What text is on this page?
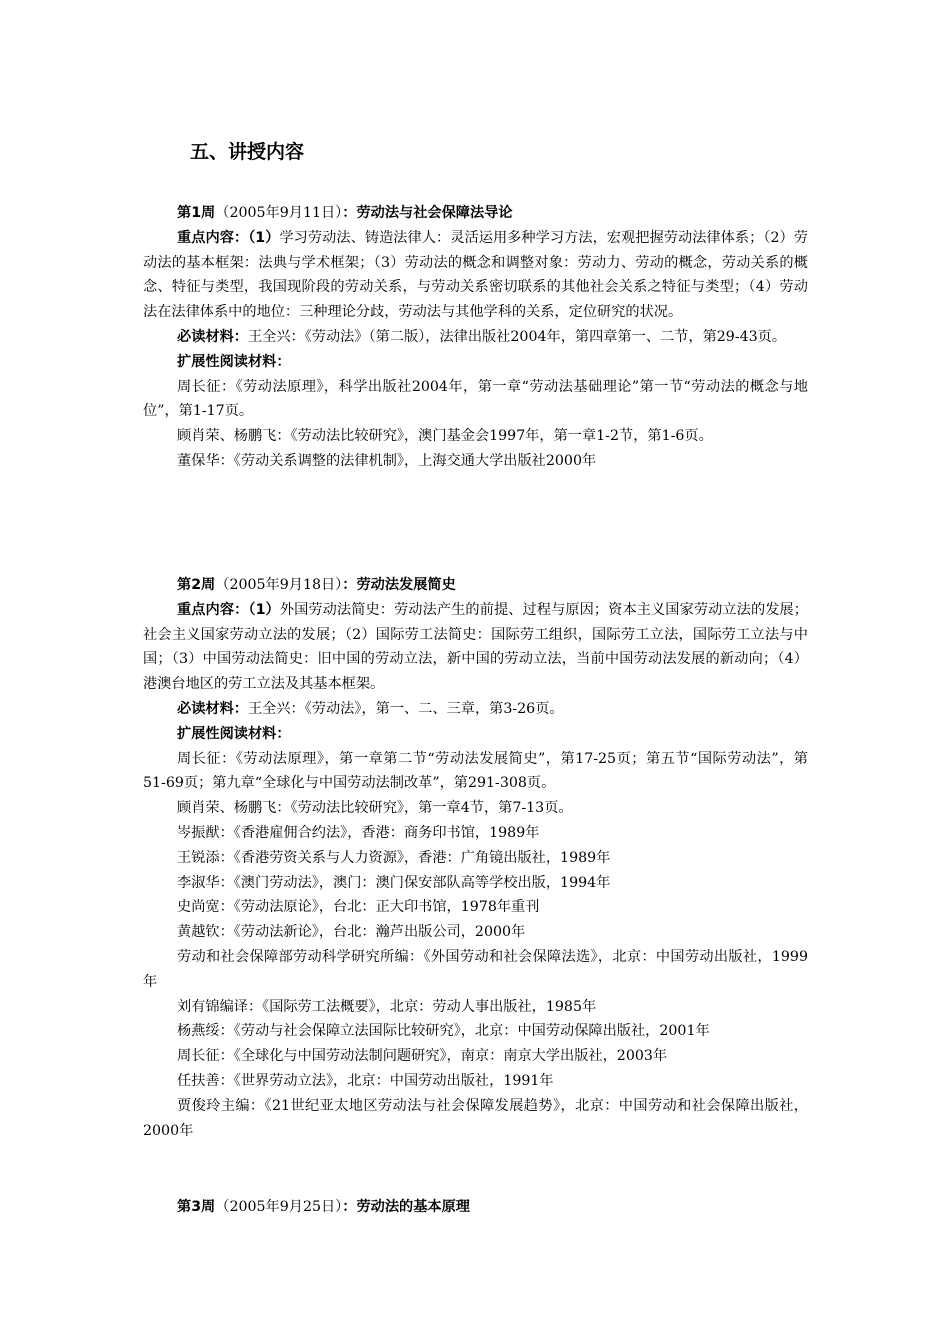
五、讲授内容

第1周（2005年9月11日）：劳动法与社会保障法导论

重点内容：（1）学习劳动法、铸造法律人：灵活运用多种学习方法，宏观把握劳动法律体系；（2）劳动法的基本框架：法典与学术框架；（3）劳动法的概念和调整对象：劳动力、劳动的概念，劳动关系的概念、特征与类型，我国现阶段的劳动关系，与劳动关系密切联系的其他社会关系之特征与类型；（4）劳动法在法律体系中的地位：三种理论分歧，劳动法与其他学科的关系，定位研究的状况。

必读材料：王全兴：《劳动法》（第二版），法律出版社2004年，第四章第一、二节，第29-43页。

扩展性阅读材料：

周长征：《劳动法原理》，科学出版社2004年，第一章“劳动法基础理论”第一节“劳动法的概念与地位”，第1-17页。

顾肖荣、杨鹏飞：《劳动法比较研究》，澳门基金会1997年，第一章1-2节，第1-6页。

董保华：《劳动关系调整的法律机制》，上海交通大学出版社2000年

第2周（2005年9月18日）：劳动法发展简史

重点内容：（1）外国劳动法简史：劳动法产生的前提、过程与原因；资本主义国家劳动立法的发展；社会主义国家劳动立法的发展；（2）国际劳工法简史：国际劳工组织，国际劳工立法，国际劳工立法与中国；（3）中国劳动法简史：旧中国的劳动立法，新中国的劳动立法，当前中国劳动法发展的新动向；（4）港澳台地区的劳工立法及其基本框架。

必读材料：王全兴：《劳动法》，第一、二、三章，第3-26页。

扩展性阅读材料：

周长征：《劳动法原理》，第一章第二节“劳动法发展简史”，第17-25页；第五节“国际劳动法”，第51-69页；第九章“全球化与中国劳动法制改革”，第291-308页。

顾肖荣、杨鹏飞：《劳动法比较研究》，第一章4节，第7-13页。

岑振猷：《香港雇佣合约法》，香港：商务印书馆，1989年

王锐添：《香港劳资关系与人力资源》，香港：广角镜出版社，1989年

李淑华：《澳门劳动法》，澳门：澳门保安部队高等学校出版，1994年

史尚宽：《劳动法原论》，台北：正大印书馆，1978年重刊

黄越钦：《劳动法新论》，台北：瀚芦出版公司，2000年

劳动和社会保障部劳动科学研究所编：《外国劳动和社会保障法选》，北京：中国劳动出版社，1999年

刘有锦编译：《国际劳工法概要》，北京：劳动人事出版社，1985年

杨燕绥：《劳动与社会保障立法国际比较研究》，北京：中国劳动保障出版社，2001年

周长征：《全球化与中国劳动法制问题研究》，南京：南京大学出版社，2003年

任扶善：《世界劳动立法》，北京：中国劳动出版社，1991年

贾俊玲主编：《21世纪亚太地区劳动法与社会保障发展趋势》，北京：中国劳动和社会保障出版社，2000年

第3周（2005年9月25日）：劳动法的基本原理
